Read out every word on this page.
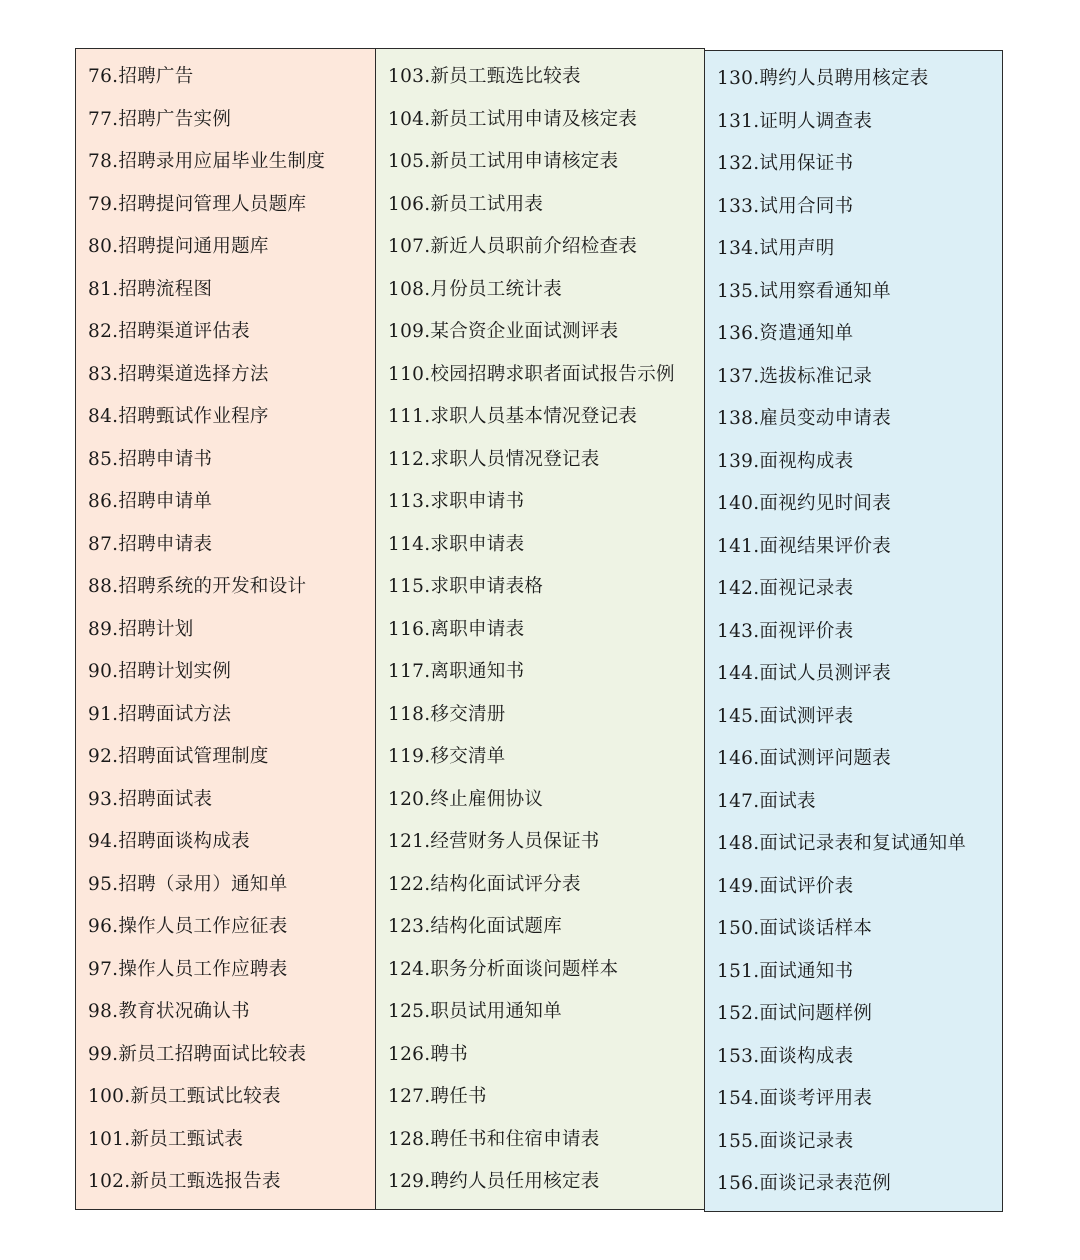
76.招聘广告
77.招聘广告实例
78.招聘录用应届毕业生制度
79.招聘提问管理人员题库
80.招聘提问通用题库
81.招聘流程图
82.招聘渠道评估表
83.招聘渠道选择方法
84.招聘甄试作业程序
85.招聘申请书
86.招聘申请单
87.招聘申请表
88.招聘系统的开发和设计
89.招聘计划
90.招聘计划实例
91.招聘面试方法
92.招聘面试管理制度
93.招聘面试表
94.招聘面谈构成表
95.招聘（录用）通知单
96.操作人员工作应征表
97.操作人员工作应聘表
98.教育状况确认书
99.新员工招聘面试比较表
100.新员工甄试比较表
101.新员工甄试表
102.新员工甄选报告表
103.新员工甄选比较表
104.新员工试用申请及核定表
105.新员工试用申请核定表
106.新员工试用表
107.新近人员职前介绍检查表
108.月份员工统计表
109.某合资企业面试测评表
110.校园招聘求职者面试报告示例
111.求职人员基本情况登记表
112.求职人员情况登记表
113.求职申请书
114.求职申请表
115.求职申请表格
116.离职申请表
117.离职通知书
118.移交清册
119.移交清单
120.终止雇佣协议
121.经营财务人员保证书
122.结构化面试评分表
123.结构化面试题库
124.职务分析面谈问题样本
125.职员试用通知单
126.聘书
127.聘任书
128.聘任书和住宿申请表
129.聘约人员任用核定表
130.聘约人员聘用核定表
131.证明人调查表
132.试用保证书
133.试用合同书
134.试用声明
135.试用察看通知单
136.资遣通知单
137.选拔标准记录
138.雇员变动申请表
139.面视构成表
140.面视约见时间表
141.面视结果评价表
142.面视记录表
143.面视评价表
144.面试人员测评表
145.面试测评表
146.面试测评问题表
147.面试表
148.面试记录表和复试通知单
149.面试评价表
150.面试谈话样本
151.面试通知书
152.面试问题样例
153.面谈构成表
154.面谈考评用表
155.面谈记录表
156.面谈记录表范例
